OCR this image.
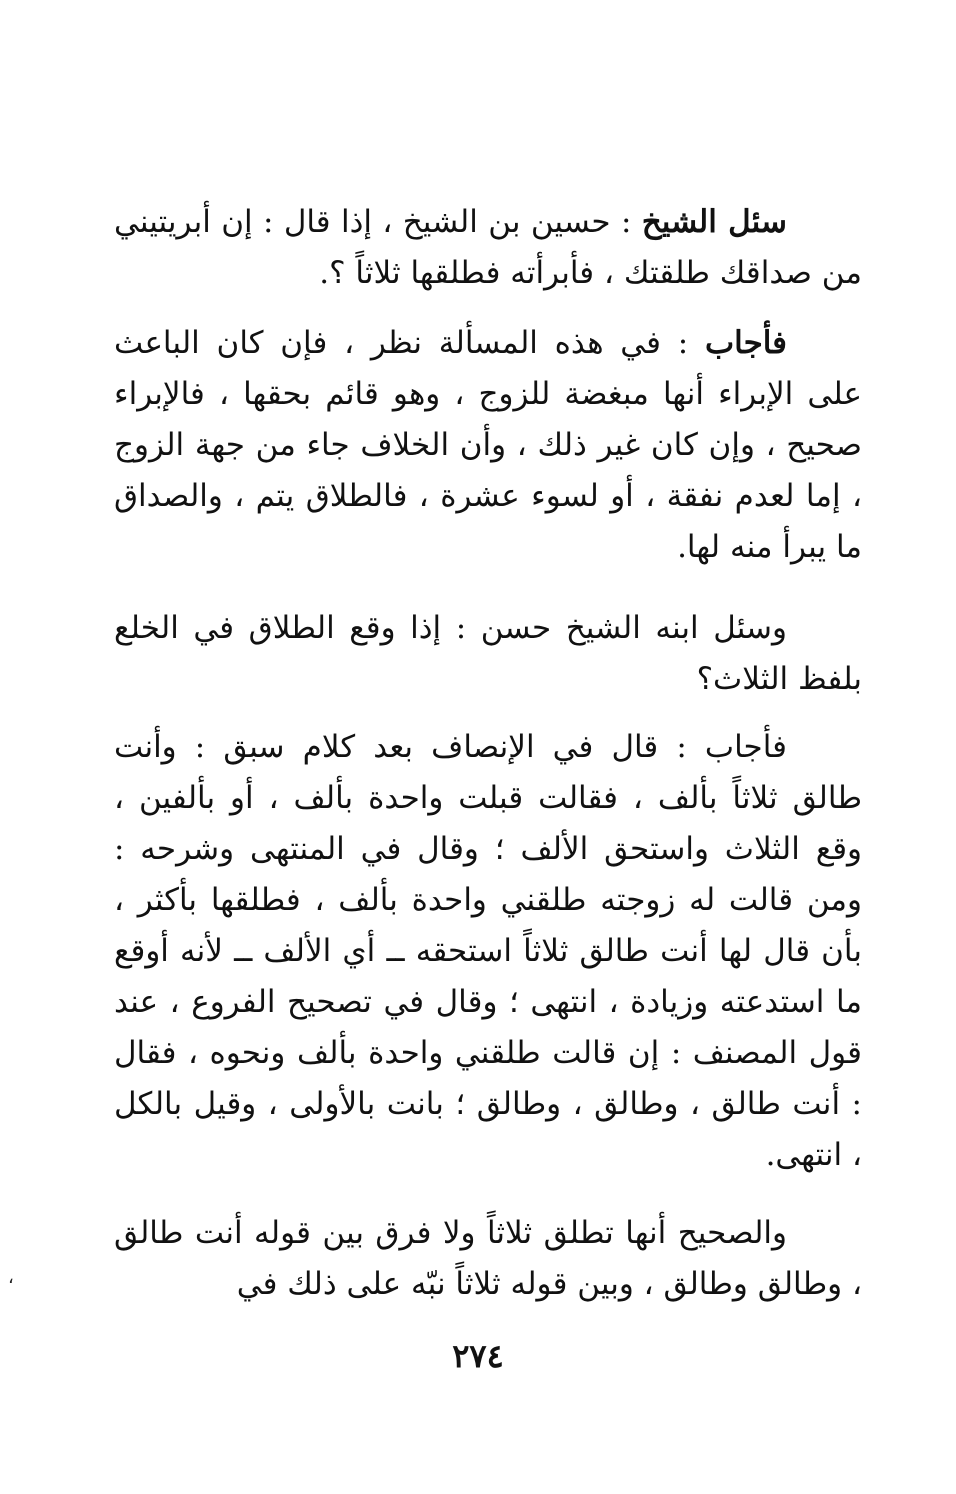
سئل الشيخ : حسين بن الشيخ ، إذا قال : إن أبريتيني من صداقك طلقتك ، فأبرأته فطلقها ثلاثاً ؟.

فأجاب : في هذه المسألة نظر ، فإن كان الباعث على الإبراء أنها مبغضة للزوج ، وهو قائم بحقها ، فالإبراء صحيح ، وإن كان غير ذلك ، وأن الخلاف جاء من جهة الزوج ، إما لعدم نفقة ، أو لسوء عشرة ، فالطلاق يتم ، والصداق ما يبرأ منه لها.

وسئل ابنه الشيخ حسن : إذا وقع الطلاق في الخلع بلفظ الثلاث؟

فأجاب : قال في الإنصاف بعد كلام سبق : وأنت طالق ثلاثاً بألف ، فقالت قبلت واحدة بألف ، أو بألفين ، وقع الثلاث واستحق الألف ؛ وقال في المنتهى وشرحه : ومن قالت له زوجته طلقني واحدة بألف ، فطلقها بأكثر ، بأن قال لها أنت طالق ثلاثاً استحقه ــ أي الألف ــ لأنه أوقع ما استدعته وزيادة ، انتهى ؛ وقال في تصحيح الفروع ، عند قول المصنف : إن قالت طلقني واحدة بألف ونحوه ، فقال : أنت طالق ، وطالق ، وطالق ؛ بانت بالأولى ، وقيل بالكل ، انتهى.

والصحيح أنها تطلق ثلاثاً ولا فرق بين قوله أنت طالق ، وطالق وطالق ، وبين قوله ثلاثاً نبّه على ذلك في

٢٧٤
،
